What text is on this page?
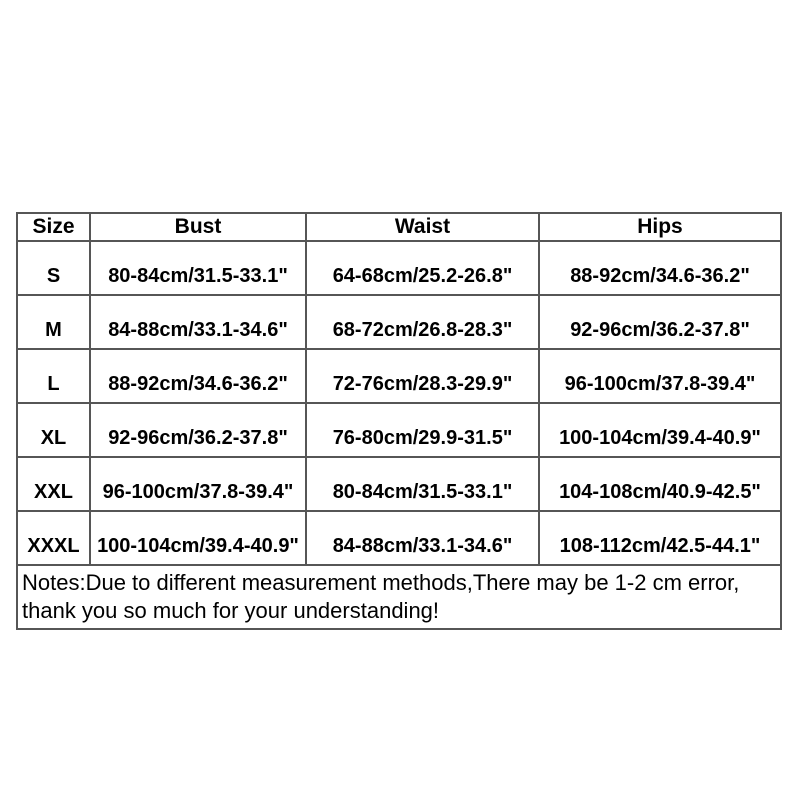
Size	Bust	Waist	Hips
S	80-84cm/31.5-33.1"	64-68cm/25.2-26.8"	88-92cm/34.6-36.2"
M	84-88cm/33.1-34.6"	68-72cm/26.8-28.3"	92-96cm/36.2-37.8"
L	88-92cm/34.6-36.2"	72-76cm/28.3-29.9"	96-100cm/37.8-39.4"
XL	92-96cm/36.2-37.8"	76-80cm/29.9-31.5"	100-104cm/39.4-40.9"
XXL	96-100cm/37.8-39.4"	80-84cm/31.5-33.1"	104-108cm/40.9-42.5"
XXXL	100-104cm/39.4-40.9"	84-88cm/33.1-34.6"	108-112cm/42.5-44.1"
Notes:Due to different measurement methods,There may be 1-2 cm error, thank you so much for your understanding!			
